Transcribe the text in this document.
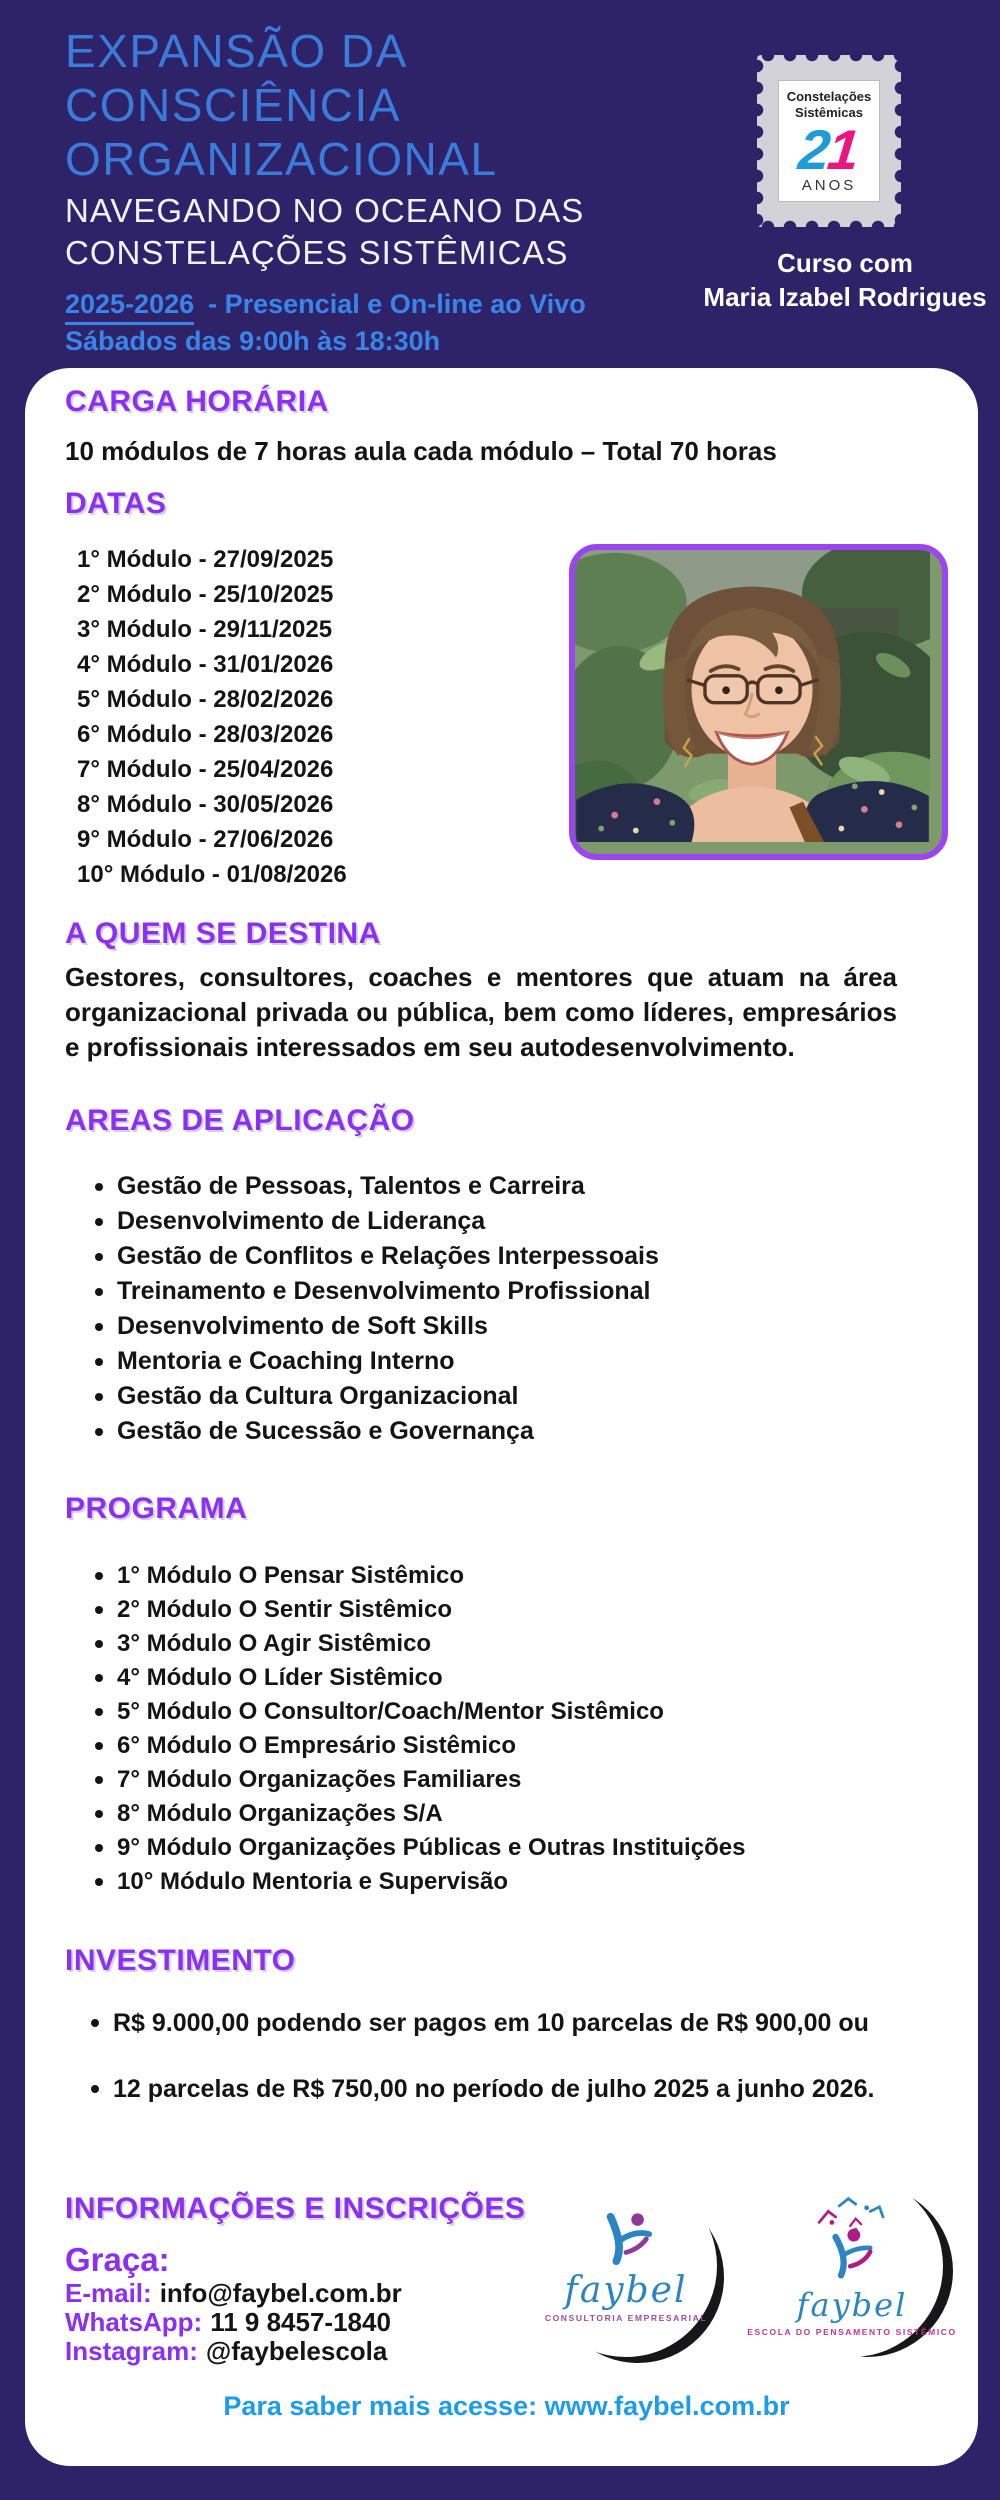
EXPANSÃO DA
CONSCIÊNCIA
ORGANIZACIONAL
NAVEGANDO NO OCEANO DAS
CONSTELAÇÕES SISTÊMICAS
2025-2026 - Presencial e On-line ao Vivo
Sábados das 9:00h às 18:30h
Constelações
Sistêmicas
21
ANOS
Curso com
Maria Izabel Rodrigues
CARGA HORÁRIA

10 módulos de 7 horas aula cada módulo – Total 70 horas

DATAS
1° Módulo - 27/09/2025
2° Módulo - 25/10/2025
3° Módulo - 29/11/2025
4° Módulo - 31/01/2026
5° Módulo - 28/02/2026
6° Módulo - 28/03/2026
7° Módulo - 25/04/2026
8° Módulo - 30/05/2026
9° Módulo - 27/06/2026
10° Módulo - 01/08/2026
A QUEM SE DESTINA

Gestores, consultores, coaches e mentores que atuam na área organizacional privada ou pública, bem como líderes, empresários e profissionais interessados em seu autodesenvolvimento.

AREAS DE APLICAÇÃO
Gestão de Pessoas, Talentos e Carreira
Desenvolvimento de Liderança
Gestão de Conflitos e Relações Interpessoais
Treinamento e Desenvolvimento Profissional
Desenvolvimento de Soft Skills
Mentoria e Coaching Interno
Gestão da Cultura Organizacional
Gestão de Sucessão e Governança
PROGRAMA
1° Módulo O Pensar Sistêmico
2° Módulo O Sentir Sistêmico
3° Módulo O Agir Sistêmico
4° Módulo O Líder Sistêmico
5° Módulo O Consultor/Coach/Mentor Sistêmico
6° Módulo O Empresário Sistêmico
7° Módulo Organizações Familiares
8° Módulo Organizações S/A
9° Módulo Organizações Públicas e Outras Instituições
10° Módulo Mentoria e Supervisão
INVESTIMENTO
R$ 9.000,00 podendo ser pagos em 10 parcelas de R$ 900,00 ou
12 parcelas de R$ 750,00 no período de julho 2025 a junho 2026.
INFORMAÇÕES E INSCRIÇÕES
Graça:
E-mail: info@faybel.com.br
WhatsApp: 11 9 8457-1840
Instagram: @faybelescola
faybel
CONSULTORIA EMPRESARIAL	faybel
ESCOLA DO PENSAMENTO SISTÊMICO
Para saber mais acesse: www.faybel.com.br
